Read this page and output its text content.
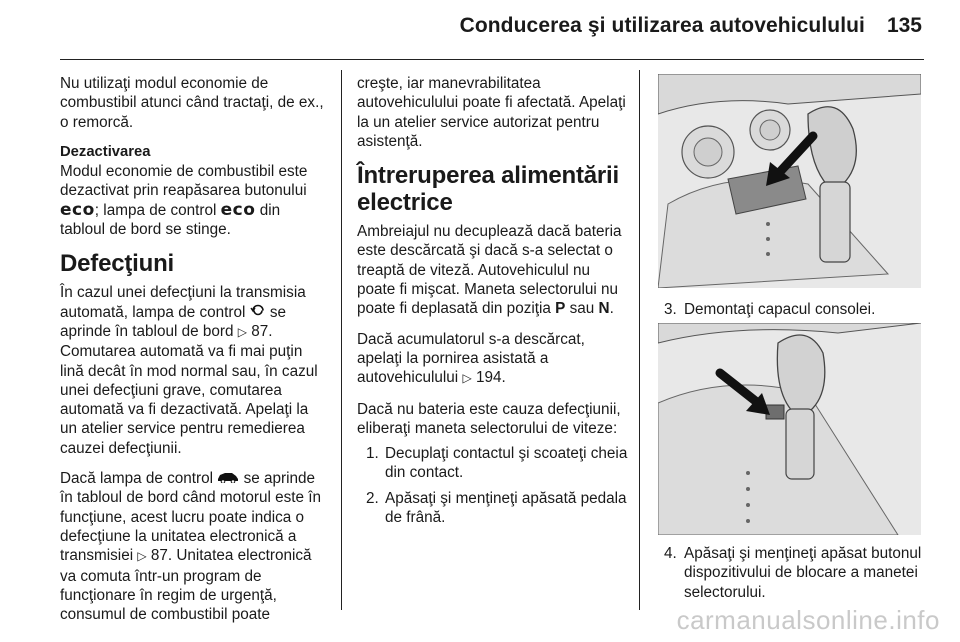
Conducerea şi utilizarea autovehiculului 135

Nu utilizaţi modul economie de combustibil atunci când tractaţi, de ex., o remorcă.

Dezactivarea
Modul economie de combustibil este dezactivat prin reapăsarea butonului eco; lampa de control eco din tabloul de bord se stinge.

Defecţiuni

În cazul unei defecţiuni la transmisia automată, lampa de control se aprinde în tabloul de bord ▷ 87. Comutarea automată va fi mai puţin lină decât în mod normal sau, în cazul unei defecţiuni grave, comutarea automată va fi dezactivată. Apelaţi la un atelier service pentru remedierea cauzei defecţiunii.

Dacă lampa de control se aprinde în tabloul de bord când motorul este în funcţiune, acest lucru poate indica o defecţiune la unitatea electronică a transmisiei ▷ 87. Unitatea electronică va comuta într-un program de funcţionare în regim de urgenţă, consumul de combustibil poate

creşte, iar manevrabilitatea autovehiculului poate fi afectată. Apelaţi la un atelier service autorizat pentru asistenţă.

Întreruperea alimentării electrice

Ambreiajul nu decuplează dacă bateria este descărcată şi dacă s-a selectat o treaptă de viteză. Autovehiculul nu poate fi mişcat. Maneta selectorului nu poate fi deplasată din poziţia P sau N.

Dacă acumulatorul s-a descărcat, apelaţi la pornirea asistată a autovehiculului ▷ 194.

Dacă nu bateria este cauza defecţiunii, eliberaţi maneta selectorului de viteze:

1. Decuplaţi contactul şi scoateţi cheia din contact.
2. Apăsaţi şi menţineţi apăsată pedala de frână.
3. Demontaţi capacul consolei.
4. Apăsaţi şi menţineţi apăsat butonul dispozitivului de blocare a manetei selectorului.
carmanualsonline.info
